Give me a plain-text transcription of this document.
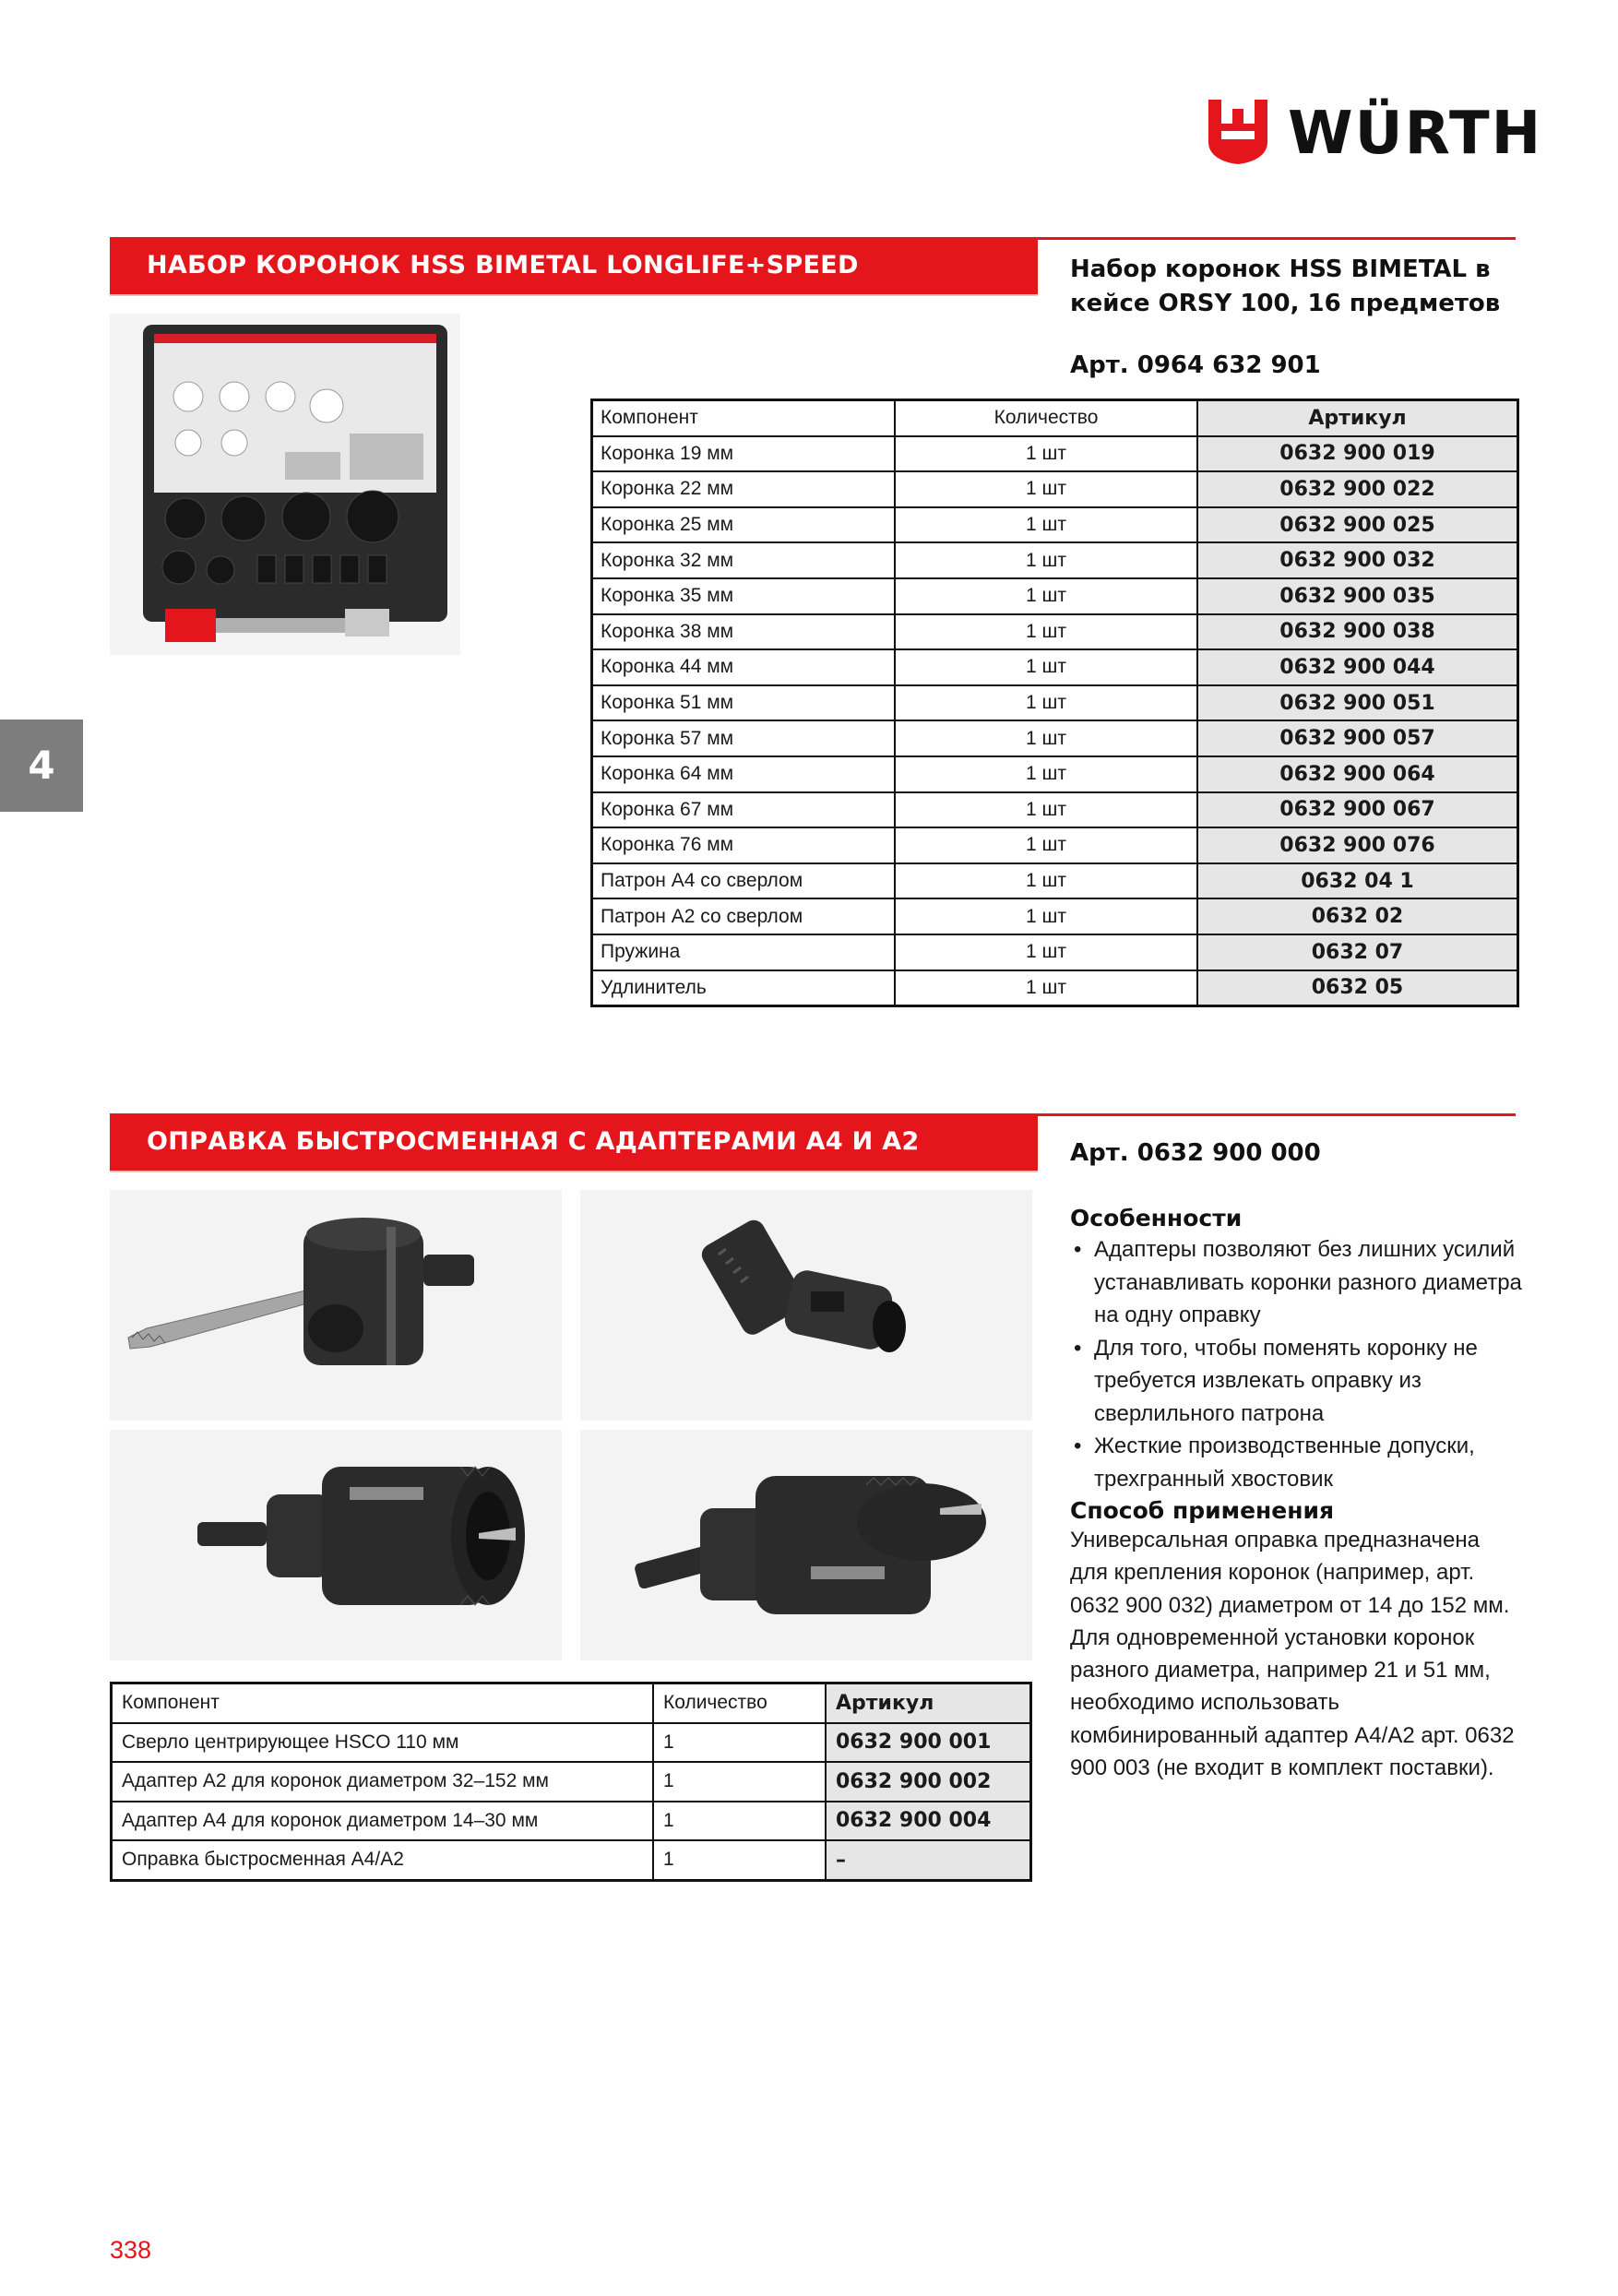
WÜRTH
НАБОР КОРОНОК HSS BIMETAL LONGLIFE+SPEED	Набор коронок HSS BIMETAL в кейсе ORSY 100, 16 предметов
Арт. 0964 632 901
Компонент	Количество	Артикул
Коронка 19 мм	1 шт	0632 900 019
Коронка 22 мм	1 шт	0632 900 022
Коронка 25 мм	1 шт	0632 900 025
Коронка 32 мм	1 шт	0632 900 032
Коронка 35 мм	1 шт	0632 900 035
Коронка 38 мм	1 шт	0632 900 038
Коронка 44 мм	1 шт	0632 900 044
Коронка 51 мм	1 шт	0632 900 051
Коронка 57 мм	1 шт	0632 900 057
Коронка 64 мм	1 шт	0632 900 064
Коронка 67 мм	1 шт	0632 900 067
Коронка 76 мм	1 шт	0632 900 076
Патрон А4 со сверлом	1 шт	0632 04 1
Патрон А2 со сверлом	1 шт	0632 02
Пружина	1 шт	0632 07
Удлинитель	1 шт	0632 05
4
ОПРАВКА БЫСТРОСМЕННАЯ С АДАПТЕРАМИ А4 И А2	Арт. 0632 900 000
Особенности
• Адаптеры позволяют без лишних усилий устанавливать коронки разного диаметра на одну оправку
• Для того, чтобы поменять коронку не требуется извлекать оправку из сверлильного патрона
• Жесткие производственные допуски, трехгранный хвостовик
Способ применения

Универсальная оправка предназначена для крепления коронок (например, арт. 0632 900 032) диаметром от 14 до 152 мм.

Для одновременной установки коронок разного диаметра, например 21 и 51 мм, необходимо использовать комбинированный адаптер А4/А2 арт. 0632 900 003 (не входит в комплект поставки).

Компонент	Количество	Артикул
Сверло центрирующее HSCO 110 мм	1	0632 900 001
Адаптер А2 для коронок диаметром 32–152 мм	1	0632 900 002
Адаптер А4 для коронок диаметром 14–30 мм	1	0632 900 004
Оправка быстросменная А4/А2	1	–
338
